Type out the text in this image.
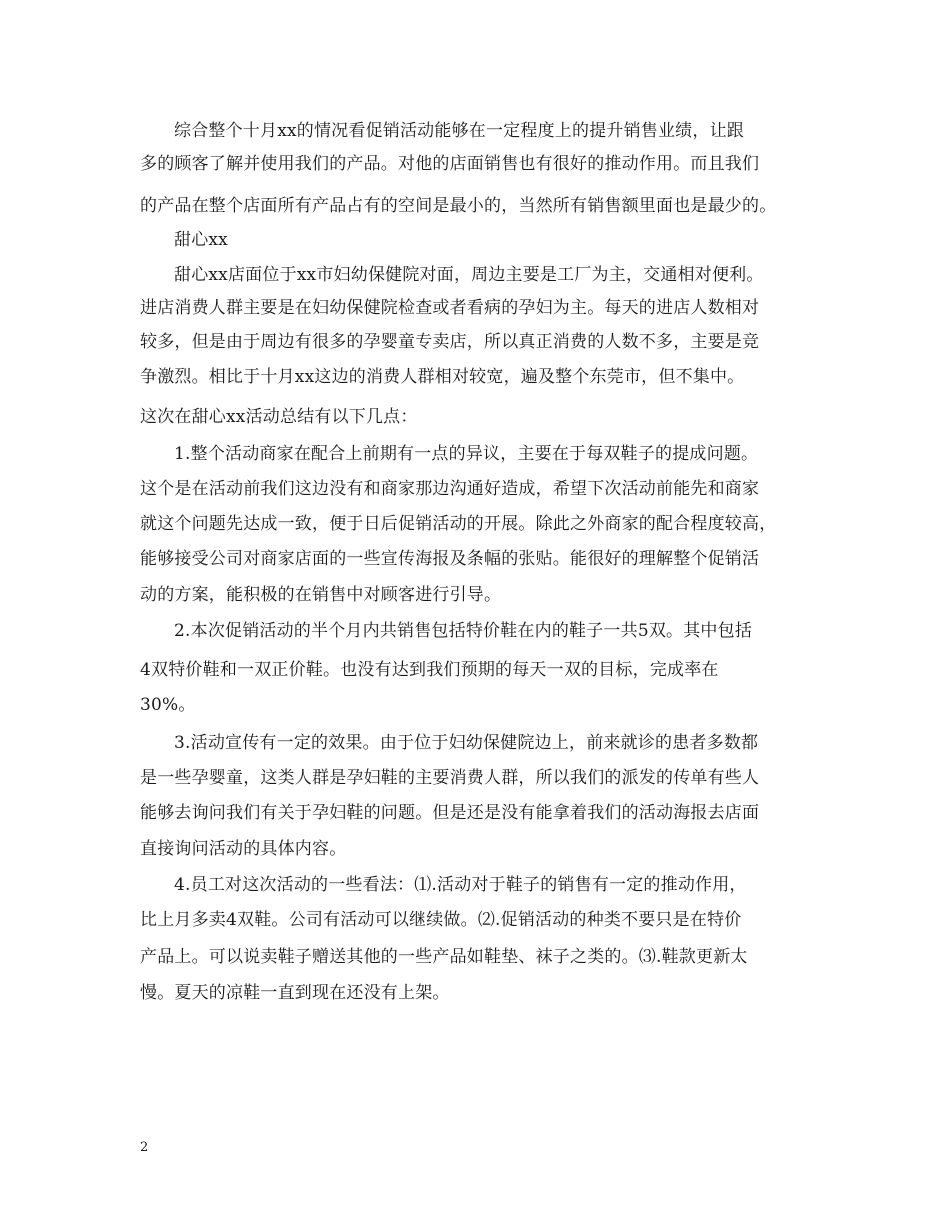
综合整个十月xx的情况看促销活动能够在一定程度上的提升销售业绩，让跟
多的顾客了解并使用我们的产品。对他的店面销售也有很好的推动作用。而且我们
的产品在整个店面所有产品占有的空间是最小的，当然所有销售额里面也是最少的。
甜心xx
甜心xx店面位于xx市妇幼保健院对面，周边主要是工厂为主，交通相对便利。
进店消费人群主要是在妇幼保健院检查或者看病的孕妇为主。每天的进店人数相对
较多，但是由于周边有很多的孕婴童专卖店，所以真正消费的人数不多，主要是竞
争激烈。相比于十月xx这边的消费人群相对较宽，遍及整个东莞市，但不集中。
这次在甜心xx活动总结有以下几点：
1.整个活动商家在配合上前期有一点的异议，主要在于每双鞋子的提成问题。
这个是在活动前我们这边没有和商家那边沟通好造成，希望下次活动前能先和商家
就这个问题先达成一致，便于日后促销活动的开展。除此之外商家的配合程度较高，
能够接受公司对商家店面的一些宣传海报及条幅的张贴。能很好的理解整个促销活
动的方案，能积极的在销售中对顾客进行引导。
2.本次促销活动的半个月内共销售包括特价鞋在内的鞋子一共5双。其中包括
4双特价鞋和一双正价鞋。也没有达到我们预期的每天一双的目标，完成率在
30%。
3.活动宣传有一定的效果。由于位于妇幼保健院边上，前来就诊的患者多数都
是一些孕婴童，这类人群是孕妇鞋的主要消费人群，所以我们的派发的传单有些人
能够去询问我们有关于孕妇鞋的问题。但是还是没有能拿着我们的活动海报去店面
直接询问活动的具体内容。
4.员工对这次活动的一些看法：⑴.活动对于鞋子的销售有一定的推动作用，
比上月多卖4双鞋。公司有活动可以继续做。⑵.促销活动的种类不要只是在特价
产品上。可以说卖鞋子赠送其他的一些产品如鞋垫、袜子之类的。⑶.鞋款更新太
慢。夏天的凉鞋一直到现在还没有上架。
2
